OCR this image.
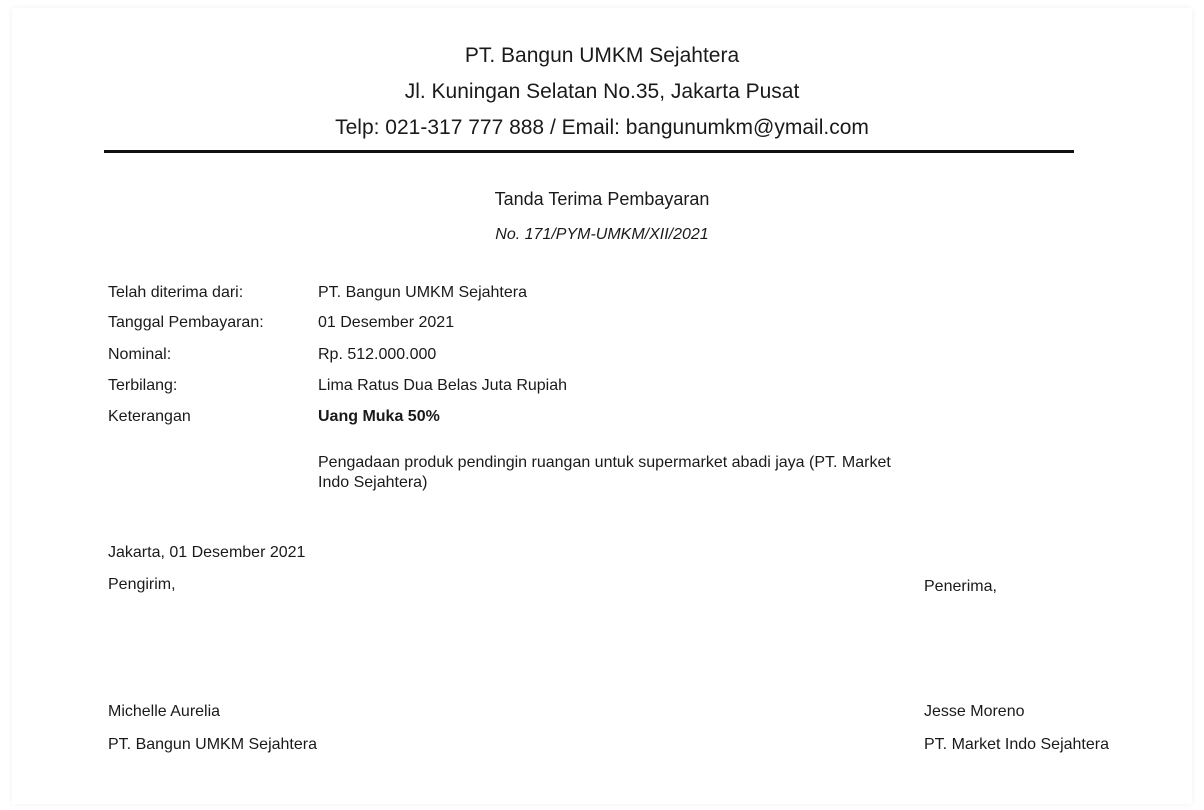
PT. Bangun UMKM Sejahtera
Jl. Kuningan Selatan No.35, Jakarta Pusat
Telp: 021-317 777 888 / Email: bangunumkm@ymail.com
Tanda Terima Pembayaran
No. 171/PYM-UMKM/XII/2021
Telah diterima dari:	PT. Bangun UMKM Sejahtera
Tanggal Pembayaran:	01 Desember 2021
Nominal:	Rp. 512.000.000
Terbilang:	Lima Ratus Dua Belas Juta Rupiah
Keterangan	Uang Muka 50%
Pengadaan produk pendingin ruangan untuk supermarket abadi jaya (PT. Market Indo Sejahtera)
Jakarta, 01 Desember 2021
Pengirim,	Penerima,
Michelle Aurelia	Jesse Moreno
PT. Bangun UMKM Sejahtera	PT. Market Indo Sejahtera
